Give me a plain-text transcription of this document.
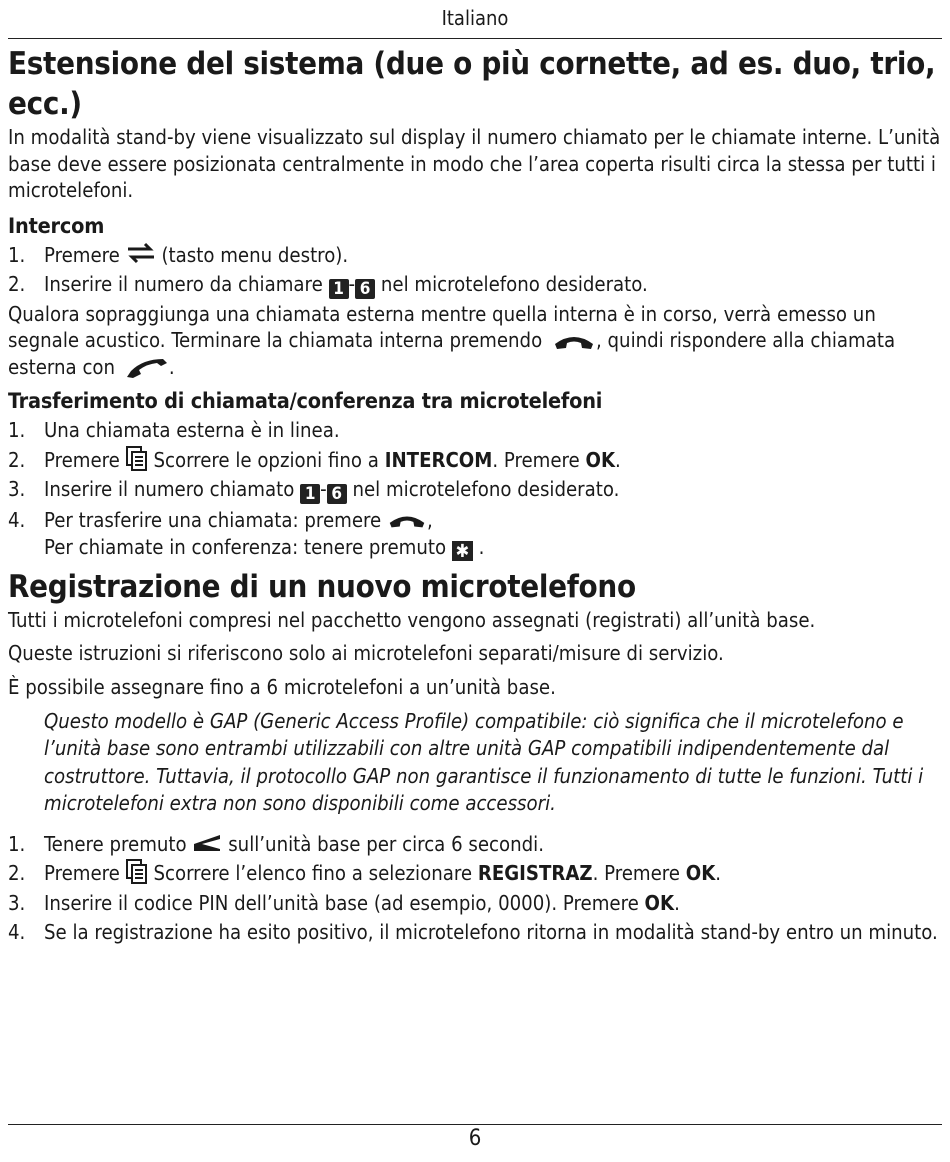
Italiano
Estensione del sistema (due o più cornette, ad es. duo, trio, ecc.)

In modalità stand-by viene visualizzato sul display il numero chiamato per le chiamate interne. L’unità base deve essere posizionata centralmente in modo che l’area coperta risulti circa la stessa per tutti i microtelefoni.

Intercom
1. Premere (tasto menu destro).
2. Inserire il numero da chiamare 1 - 6 nel microtelefono desiderato.

Qualora sopraggiunga una chiamata esterna mentre quella interna è in corso, verrà emesso un segnale acustico. Terminare la chiamata interna premendo	, quindi rispondere alla chiamata esterna con	.

Trasferimento di chiamata/conferenza tra microtelefoni
1. Una chiamata esterna è in linea.
2. Premere Scorrere le opzioni fino a INTERCOM. Premere OK.
3. Inserire il numero chiamato 1 - 6 nel microtelefono desiderato.
4. Per trasferire una chiamata: premere ,
Per chiamate in conferenza: tenere premuto ✱ .
Registrazione di un nuovo microtelefono

Tutti i microtelefoni compresi nel pacchetto vengono assegnati (registrati) all’unità base.

Queste istruzioni si riferiscono solo ai microtelefoni separati/misure di servizio.

È possibile assegnare fino a 6 microtelefoni a un’unità base.

Questo modello è GAP (Generic Access Profile) compatibile: ciò significa che il microtelefono e l’unità base sono entrambi utilizzabili con altre unità GAP compatibili indipendentemente dal costruttore. Tuttavia, il protocollo GAP non garantisce il funzionamento di tutte le funzioni. Tutti i microtelefoni extra non sono disponibili come accessori.

1. Tenere premuto sull’unità base per circa 6 secondi.
2. Premere Scorrere l’elenco fino a selezionare REGISTRAZ. Premere OK.
3. Inserire il codice PIN dell’unità base (ad esempio, 0000). Premere OK.
4. Se la registrazione ha esito positivo, il microtelefono ritorna in modalità stand-by entro un minuto.
6
